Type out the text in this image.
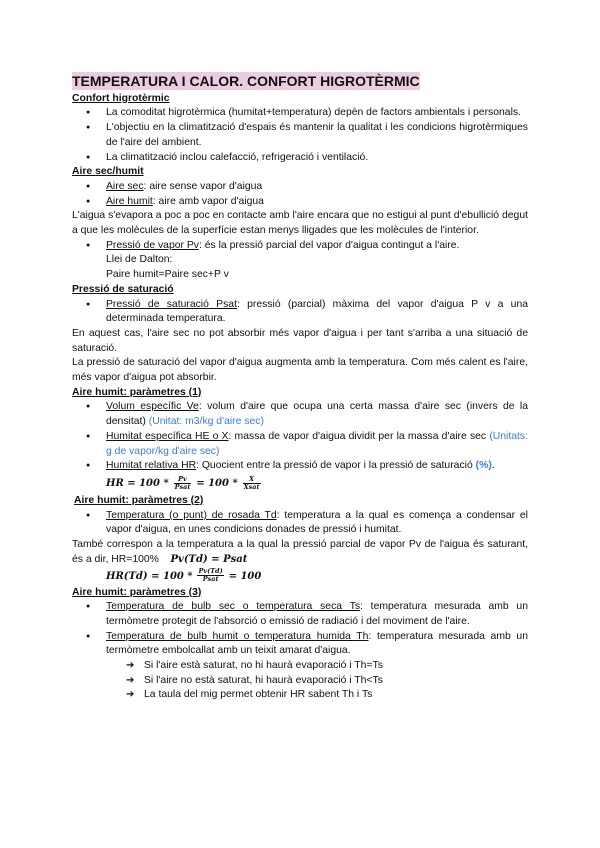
TEMPERATURA I CALOR. CONFORT HIGROTÈRMIC
Confort higrotèrmic
● La comoditat higrotèrmica (humitat+temperatura) depèn de factors ambientals i personals.
● L'objectiu en la climatització d'espais és mantenir la qualitat i les condicions higrotèrmiques de l'aire del ambient.
● La climatització inclou calefacció, refrigeració i ventilació.
Aire sec/humit
● Aire sec: aire sense vapor d'aigua
● Aire humit: aire amb vapor d'aigua

L'aigua s'evapora a poc a poc en contacte amb l'aire encara que no estigui al punt d'ebullició degut a que les molècules de la superfície estan menys lligades que les molècules de l'interior.

● Pressió de vapor Pv: és la pressió parcial del vapor d'aigua contingut a l'aire.
Llei de Dalton:
Paire humit=Paire sec+P v
Pressió de saturació
● Pressió de saturació Psat: pressió (parcial) màxima del vapor d'aigua P v a una determinada temperatura.

En aquest cas, l'aire sec no pot absorbir més vapor d'aigua i per tant s'arriba a una situació de saturació.

La pressió de saturació del vapor d'aigua augmenta amb la temperatura. Com més calent es l'aire, més vapor d'aigua pot absorbir.

Aire humit: paràmetres (1)
● Volum específic Ve: volum d'aire que ocupa una certa massa d'aire sec (invers de la densitat) (Unitat: m3/kg d'aire sec)
● Humitat específica HE o X: massa de vapor d'aigua dividit per la massa d'aire sec (Unitats: g de vapor/kg d'aire sec)
● Humitat relativa HR: Quocient entre la pressió de vapor i la pressió de saturació (%).
HR = $100 * \frac{Pv}{\text{Psat}} = 100 * \frac{X}{\text{Xsat}}$
Aire humit: paràmetres (2)
● Temperatura (o punt) de rosada Td: temperatura a la qual es comença a condensar el vapor d'aigua, en unes condicions donades de pressió i humitat.

També correspon a la temperatura a la qual la pressió parcial de vapor Pv de l'aigua és saturant, és a dir, HR=100% Pv(Td) = Psat

$HR(Td) = 100 * \frac{Pv(Td)}{\text{Psat}} = 100$
Aire humit: paràmetres (3)
● Temperatura de bulb sec o temperatura seca Ts: temperatura mesurada amb un termòmetre protegit de l'absorció o emissió de radiació i del moviment de l'aire.
● Temperatura de bulb humit o temperatura humida Th: temperatura mesurada amb un termòmetre embolcallat amb un teixit amarat d'aigua.
➔ Si l'aire està saturat, no hi haurà evaporació i Th=Ts
➔ Si l'aire no està saturat, hi haurà evaporació i Th<Ts
➔ La taula del mig permet obtenir HR sabent Th i Ts
